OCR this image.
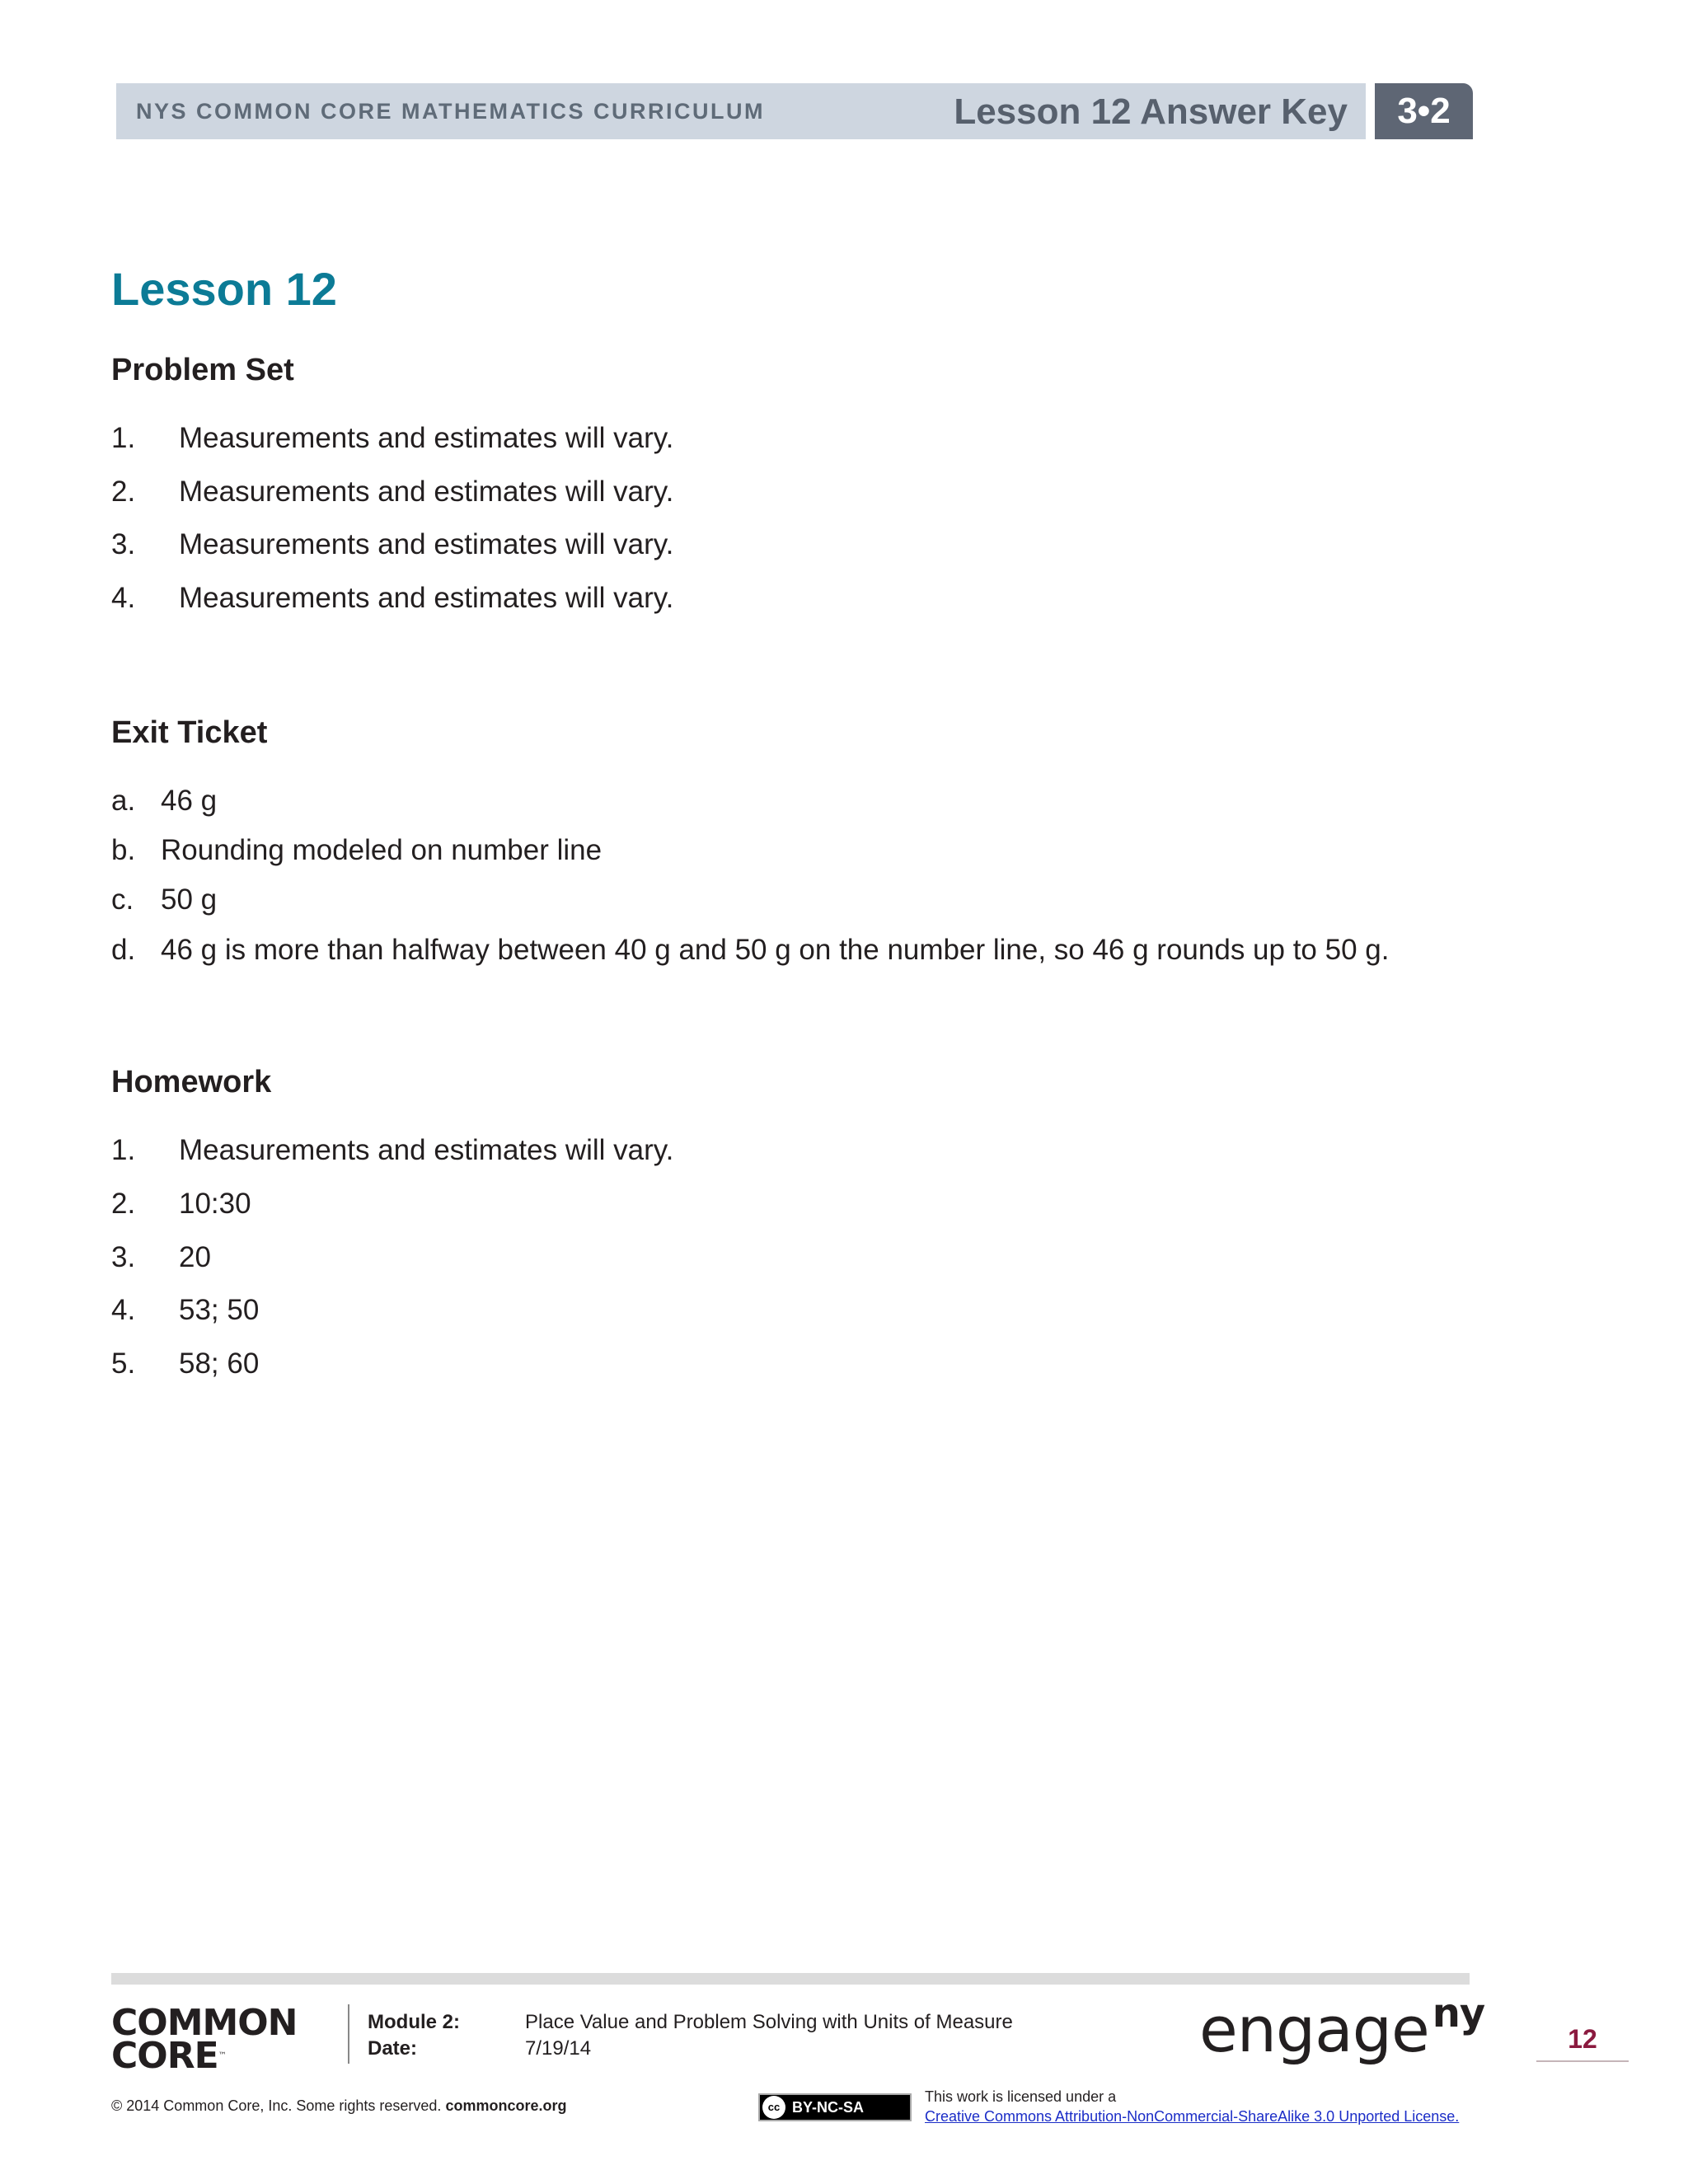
NYS COMMON CORE MATHEMATICS CURRICULUM	Lesson 12 Answer Key	3•2
Lesson 12
Problem Set
1. Measurements and estimates will vary.
2. Measurements and estimates will vary.
3. Measurements and estimates will vary.
4. Measurements and estimates will vary.
Exit Ticket
a. 46 g
b. Rounding modeled on number line
c. 50 g
d. 46 g is more than halfway between 40 g and 50 g on the number line, so 46 g rounds up to 50 g.
Homework
1. Measurements and estimates will vary.
2. 10:30
3. 20
4. 53; 50
5. 58; 60
COMMON
CORE™
Module 2:	Place Value and Problem Solving with Units of Measure
Date:	7/19/14	engage$^{ny}$
12
© 2014 Common Core, Inc. Some rights reserved. commoncore.org	cc BY-NC-SA
This work is licensed under a
Creative Commons Attribution-NonCommercial-ShareAlike 3.0 Unported License.
